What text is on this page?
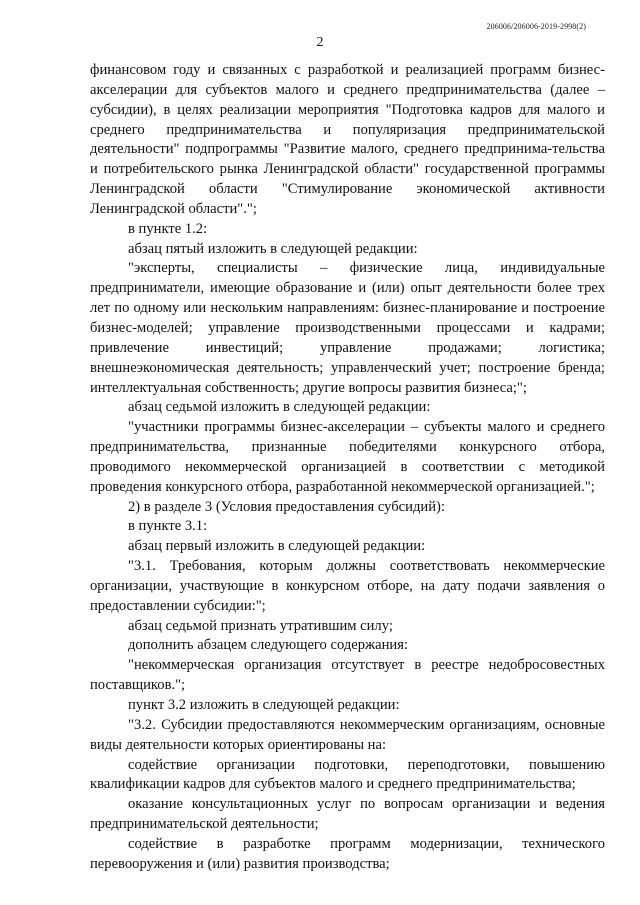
206006/206006-2019-2998(2)
2

финансовом году и связанных с разработкой и реализацией программ бизнес-акселерации для субъектов малого и среднего предпринимательства (далее – субсидии), в целях реализации мероприятия "Подготовка кадров для малого и среднего предпринимательства и популяризация предпринимательской деятельности" подпрограммы "Развитие малого, среднего предпринима-тельства и потребительского рынка Ленинградской области" государственной программы Ленинградской области "Стимулирование экономической активности Ленинградской области".";

в пункте 1.2:

абзац пятый изложить в следующей редакции:

"эксперты, специалисты – физические лица, индивидуальные предприниматели, имеющие образование и (или) опыт деятельности более трех лет по одному или нескольким направлениям: бизнес-планирование и построение бизнес-моделей; управление производственными процессами и кадрами; привлечение инвестиций; управление продажами; логистика; внешнеэкономическая деятельность; управленческий учет; построение бренда; интеллектуальная собственность; другие вопросы развития бизнеса;";

абзац седьмой изложить в следующей редакции:

"участники программы бизнес-акселерации – субъекты малого и среднего предпринимательства, признанные победителями конкурсного отбора, проводимого некоммерческой организацией в соответствии с методикой проведения конкурсного отбора, разработанной некоммерческой организацией.";

2) в разделе 3 (Условия предоставления субсидий):

в пункте 3.1:

абзац первый изложить в следующей редакции:

"3.1. Требования, которым должны соответствовать некоммерческие организации, участвующие в конкурсном отборе, на дату подачи заявления о предоставлении субсидии:";

абзац седьмой признать утратившим силу;

дополнить абзацем следующего содержания:

"некоммерческая организация отсутствует в реестре недобросовестных поставщиков.";

пункт 3.2 изложить в следующей редакции:

"3.2. Субсидии предоставляются некоммерческим организациям, основные виды деятельности которых ориентированы на:

содействие организации подготовки, переподготовки, повышению квалификации кадров для субъектов малого и среднего предпринимательства;

оказание консультационных услуг по вопросам организации и ведения предпринимательской деятельности;

содействие в разработке программ модернизации, технического перевооружения и (или) развития производства;
